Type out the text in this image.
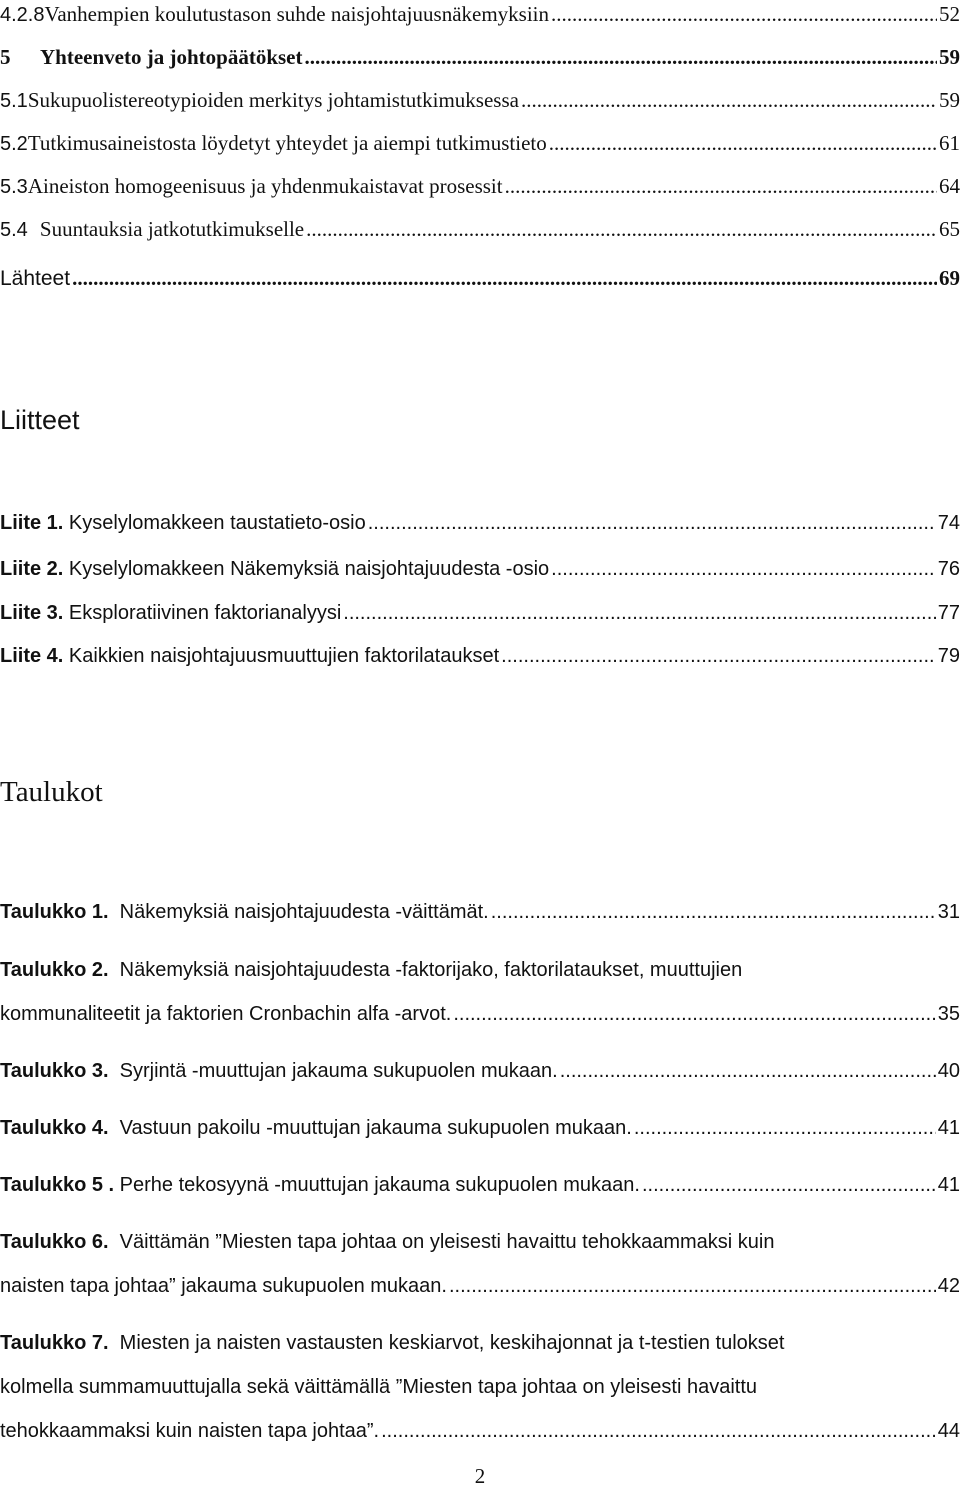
4.2.8 Vanhempien koulutustason suhde naisjohtajuusnäkemyksiin .....	52
5	Yhteenveto ja johtopäätökset .....	59
5.1 Sukupuolistereotypioiden merkitys johtamistutkimuksessa .....	59
5.2 Tutkimusaineistosta löydetyt yhteydet ja aiempi tutkimustieto .....	61
5.3 Aineiston homogeenisuus ja yhdenmukaistavat prosessit .....	64
5.4 Suuntauksia jatkotutkimukselle .....	65
Lähteet .....	69
Liitteet
Liite 1. Kyselylomakkeen taustatieto-osio .....	74
Liite 2. Kyselylomakkeen Näkemyksiä naisjohtajuudesta -osio .....	76
Liite 3. Eksploratiivinen faktorianalyysi .....	77
Liite 4. Kaikkien naisjohtajuusmuuttujien faktorilataukset .....	79
Taulukot
Taulukko 1. Näkemyksiä naisjohtajuudesta -väittämät. .....	31
Taulukko 2. Näkemyksiä naisjohtajuudesta -faktorijako, faktorilataukset, muuttujien
kommunaliteetit ja faktorien Cronbachin alfa -arvot. .....	35
Taulukko 3. Syrjintä -muuttujan jakauma sukupuolen mukaan. .....	40
Taulukko 4. Vastuun pakoilu -muuttujan jakauma sukupuolen mukaan. .....	41
Taulukko 5 . Perhe tekosyynä -muuttujan jakauma sukupuolen mukaan. .....	41
Taulukko 6. Väittämän ”Miesten tapa johtaa on yleisesti havaittu tehokkaammaksi kuin
naisten tapa johtaa” jakauma sukupuolen mukaan. .....	42
Taulukko 7. Miesten ja naisten vastausten keskiarvot, keskihajonnat ja t-testien tulokset
kolmella summamuuttujalla sekä väittämällä ”Miesten tapa johtaa on yleisesti havaittu
tehokkaammaksi kuin naisten tapa johtaa”. .....	44
2
